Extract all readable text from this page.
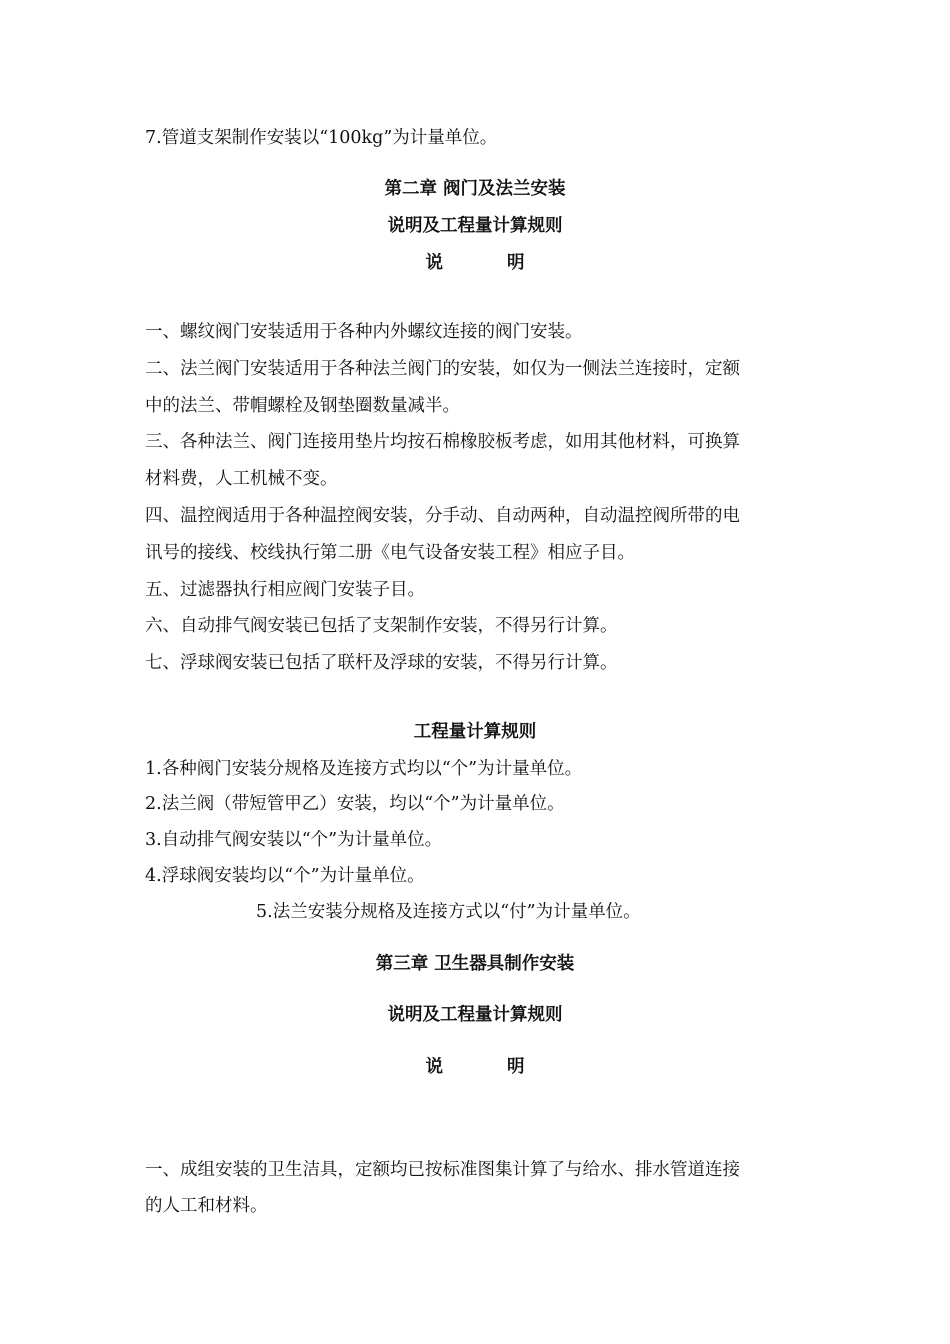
7.管道支架制作安装以“100kg”为计量单位。
第二章 阀门及法兰安装
说明及工程量计算规则
说	明
一、螺纹阀门安装适用于各种内外螺纹连接的阀门安装。
二、法兰阀门安装适用于各种法兰阀门的安装，如仅为一侧法兰连接时，定额
中的法兰、带帽螺栓及钢垫圈数量减半。
三、各种法兰、阀门连接用垫片均按石棉橡胶板考虑，如用其他材料，可换算
材料费，人工机械不变。
四、温控阀适用于各种温控阀安装，分手动、自动两种，自动温控阀所带的电
讯号的接线、校线执行第二册《电气设备安装工程》相应子目。
五、过滤器执行相应阀门安装子目。
六、自动排气阀安装已包括了支架制作安装，不得另行计算。
七、浮球阀安装已包括了联杆及浮球的安装，不得另行计算。
工程量计算规则
1.各种阀门安装分规格及连接方式均以“个”为计量单位。
2.法兰阀（带短管甲乙）安装，均以“个”为计量单位。
3.自动排气阀安装以“个”为计量单位。
4.浮球阀安装均以“个”为计量单位。
5.法兰安装分规格及连接方式以“付”为计量单位。
第三章 卫生器具制作安装
说明及工程量计算规则
说	明
一、成组安装的卫生洁具，定额均已按标准图集计算了与给水、排水管道连接
的人工和材料。
